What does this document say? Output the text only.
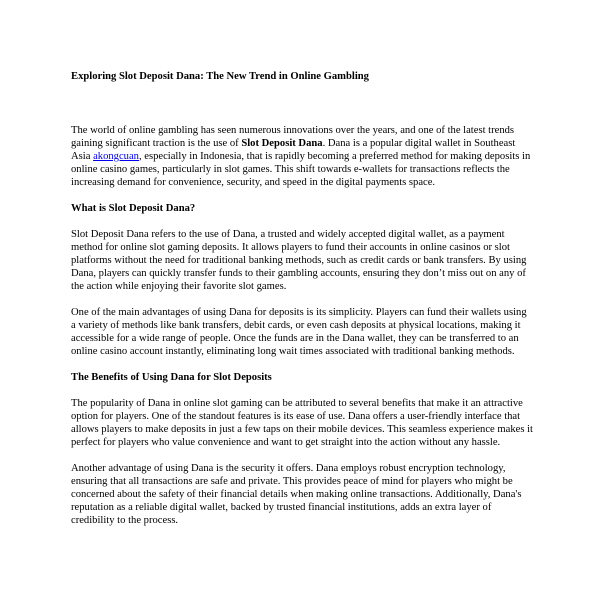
Exploring Slot Deposit Dana: The New Trend in Online Gambling

The world of online gambling has seen numerous innovations over the years, and one of the latest trends gaining significant traction is the use of Slot Deposit Dana. Dana is a popular digital wallet in Southeast Asia akongcuan, especially in Indonesia, that is rapidly becoming a preferred method for making deposits in online casino games, particularly in slot games. This shift towards e-wallets for transactions reflects the increasing demand for convenience, security, and speed in the digital payments space.

What is Slot Deposit Dana?

Slot Deposit Dana refers to the use of Dana, a trusted and widely accepted digital wallet, as a payment method for online slot gaming deposits. It allows players to fund their accounts in online casinos or slot platforms without the need for traditional banking methods, such as credit cards or bank transfers. By using Dana, players can quickly transfer funds to their gambling accounts, ensuring they don’t miss out on any of the action while enjoying their favorite slot games.

One of the main advantages of using Dana for deposits is its simplicity. Players can fund their wallets using a variety of methods like bank transfers, debit cards, or even cash deposits at physical locations, making it accessible for a wide range of people. Once the funds are in the Dana wallet, they can be transferred to an online casino account instantly, eliminating long wait times associated with traditional banking methods.

The Benefits of Using Dana for Slot Deposits

The popularity of Dana in online slot gaming can be attributed to several benefits that make it an attractive option for players. One of the standout features is its ease of use. Dana offers a user-friendly interface that allows players to make deposits in just a few taps on their mobile devices. This seamless experience makes it perfect for players who value convenience and want to get straight into the action without any hassle.

Another advantage of using Dana is the security it offers. Dana employs robust encryption technology, ensuring that all transactions are safe and private. This provides peace of mind for players who might be concerned about the safety of their financial details when making online transactions. Additionally, Dana's reputation as a reliable digital wallet, backed by trusted financial institutions, adds an extra layer of credibility to the process.
